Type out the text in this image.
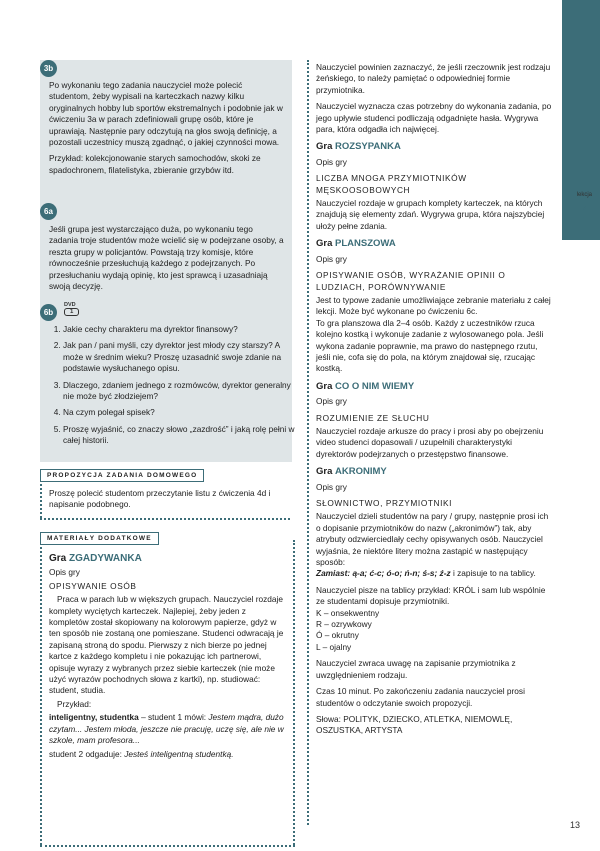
lekcja
1
3b

Po wykonaniu tego zadania nauczyciel może polecić studentom, żeby wypisali na karteczkach nazwy kilku oryginalnych hobby lub sportów ekstremalnych i podobnie jak w ćwiczeniu 3a w parach zdefiniowali grupę osób, które je uprawiają. Następnie pary odczytują na głos swoją definicję, a pozostali uczestnicy muszą zgadnąć, o jakiej czynności mowa.

Przykład: kolekcjonowanie starych samochodów, skoki ze spadochronem, filatelistyka, zbieranie grzybów itd.

6a

Jeśli grupa jest wystarczająco duża, po wykonaniu tego zadania troje studentów może wcielić się w podejrzane osoby, a reszta grupy w policjantów. Powstają trzy komisje, które równocześnie przesłuchują każdego z podejrzanych. Po przesłuchaniu wydają opinię, kto jest sprawcą i uzasadniają swoją decyzję.

6b
DVD
1
1. Jakie cechy charakteru ma dyrektor finansowy?
2. Jak pan / pani myśli, czy dyrektor jest młody czy starszy? A może w średnim wieku? Proszę uzasadnić swoje zdanie na podstawie wysłuchanego opisu.
3. Dlaczego, zdaniem jednego z rozmówców, dyrektor generalny nie może być złodziejem?
4. Na czym polegał spisek?
5. Proszę wyjaśnić, co znaczy słowo „zazdrość” i jaką rolę pełni w całej historii.
PROPOZYCJA ZADANIA DOMOWEGO
Proszę polecić studentom przeczytanie listu z ćwiczenia 4d i napisanie podobnego.
MATERIAŁY DODATKOWE

Gra ZGADYWANKA

Opis gry

OPISYWANIE OSÓB

Praca w parach lub w większych grupach. Nauczyciel rozdaje komplety wyciętych karteczek. Najlepiej, żeby jeden z kompletów został skopiowany na kolorowym papierze, gdyż w ten sposób nie zostaną one pomieszane. Studenci odwracają je zapisaną stroną do spodu. Pierwszy z nich bierze po jednej kartce z każdego kompletu i nie pokazując ich partnerowi, opisuje wyrazy z wybranych przez siebie karteczek (nie może użyć wyrazów pochodnych słowa z kartki), np. studiować: student, studia.

Przykład:

inteligentny, studentka – student 1 mówi: Jestem mądra, dużo czytam... Jestem młoda, jeszcze nie pracuję, uczę się, ale nie w szkole, mam profesora...

student 2 odgaduje: Jesteś inteligentną studentką.

Nauczyciel powinien zaznaczyć, że jeśli rzeczownik jest rodzaju żeńskiego, to należy pamiętać o odpowiedniej formie przymiotnika.

Nauczyciel wyznacza czas potrzebny do wykonania zadania, po jego upływie studenci podliczają odgadnięte hasła. Wygrywa para, która odgadła ich najwięcej.

Gra ROZSYPANKA

Opis gry

LICZBA MNOGA PRZYMIOTNIKÓW MĘSKOOSOBOWYCH

Nauczyciel rozdaje w grupach komplety karteczek, na których znajdują się elementy zdań. Wygrywa grupa, która najszybciej ułoży pełne zdania.

Gra PLANSZOWA

Opis gry

OPISYWANIE OSÓB, WYRAŻANIE OPINII O LUDZIACH, PORÓWNYWANIE

Jest to typowe zadanie umożliwiające zebranie materiału z całej lekcji. Może być wykonane po ćwiczeniu 6c.

To gra planszowa dla 2–4 osób. Każdy z uczestników rzuca kolejno kostką i wykonuje zadanie z wylosowanego pola. Jeśli wykona zadanie poprawnie, ma prawo do następnego rzutu, jeśli nie, cofa się do pola, na którym znajdował się, rzucając kostką.

Gra CO O NIM WIEMY

Opis gry

ROZUMIENIE ZE SŁUCHU

Nauczyciel rozdaje arkusze do pracy i prosi aby po obejrzeniu video studenci dopasowali / uzupełnili charakterystyki dyrektorów podejrzanych o przestępstwo finansowe.

Gra AKRONIMY

Opis gry

SŁOWNICTWO, PRZYMIOTNIKI

Nauczyciel dzieli studentów na pary / grupy, następnie prosi ich o dopisanie przymiotników do nazw („akronimów”) tak, aby atrybuty odzwierciedlały cechy opisywanych osób. Nauczyciel wyjaśnia, że niektóre litery można zastąpić w następujący sposób:

Zamiast: ą-a; ć-c; ó-o; ń-n; ś-s; ź-z i zapisuje to na tablicy.

Nauczyciel pisze na tablicy przykład: KRÓL i sam lub wspólnie ze studentami dopisuje przymiotniki.

K – onsekwentny

R – ozrywkowy

Ó – okrutny

L – ojalny

Nauczyciel zwraca uwagę na zapisanie przymiotnika z uwzględnieniem rodzaju.

Czas 10 minut. Po zakończeniu zadania nauczyciel prosi studentów o odczytanie swoich propozycji.

Słowa: POLITYK, DZIECKO, ATLETKA, NIEMOWLĘ, OSZUSTKA, ARTYSTA

13
